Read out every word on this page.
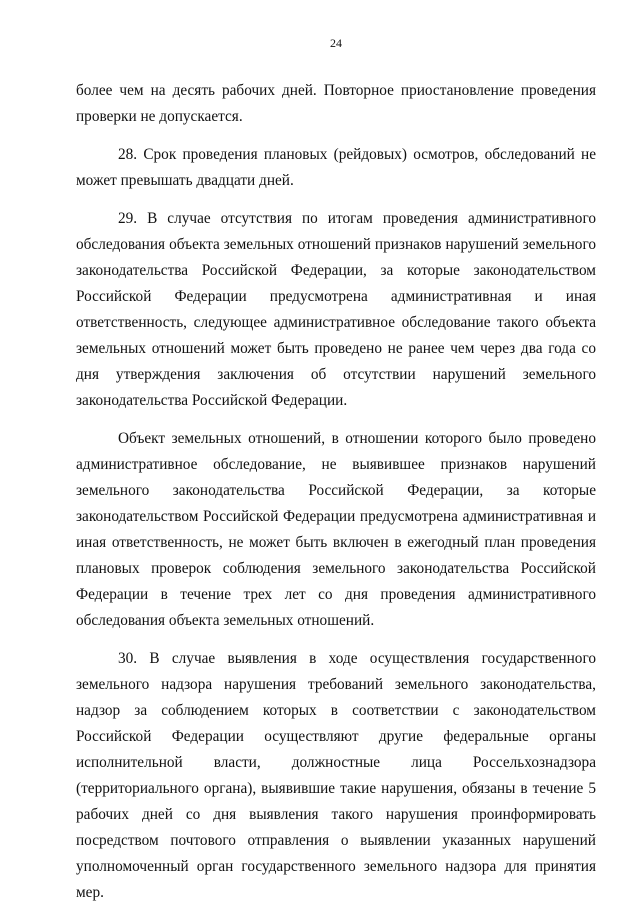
24

более чем на десять рабочих дней. Повторное приостановление проведения проверки не допускается.

28. Срок проведения плановых (рейдовых) осмотров, обследований не может превышать двадцати дней.

29. В случае отсутствия по итогам проведения административного обследования объекта земельных отношений признаков нарушений земельного законодательства Российской Федерации, за которые законодательством Российской Федерации предусмотрена административная и иная ответственность, следующее административное обследование такого объекта земельных отношений может быть проведено не ранее чем через два года со дня утверждения заключения об отсутствии нарушений земельного законодательства Российской Федерации.

Объект земельных отношений, в отношении которого было проведено административное обследование, не выявившее признаков нарушений земельного законодательства Российской Федерации, за которые законодательством Российской Федерации предусмотрена административная и иная ответственность, не может быть включен в ежегодный план проведения плановых проверок соблюдения земельного законодательства Российской Федерации в течение трех лет со дня проведения административного обследования объекта земельных отношений.

30. В случае выявления в ходе осуществления государственного земельного надзора нарушения требований земельного законодательства, надзор за соблюдением которых в соответствии с законодательством Российской Федерации осуществляют другие федеральные органы исполнительной власти, должностные лица Россельхознадзора (территориального органа), выявившие такие нарушения, обязаны в течение 5 рабочих дней со дня выявления такого нарушения проинформировать посредством почтового отправления о выявлении указанных нарушений уполномоченный орган государственного земельного надзора для принятия мер.
